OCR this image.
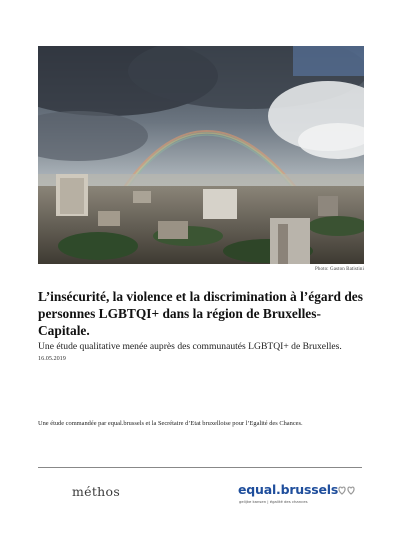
Photo: Gaston Batistini
L’insécurité, la violence et la discrimination à l’égard des personnes LGBTQI+ dans la région de Bruxelles-Capitale.

Une étude qualitative menée auprès des communautés LGBTQI+ de Bruxelles.

16.05.2019

Une étude commandée par equal.brussels et la Secrétaire d’Etat bruxelloise pour l’Egalité des Chances.

méthos	equal.brussels
gelijke kansen | égalité des chances
